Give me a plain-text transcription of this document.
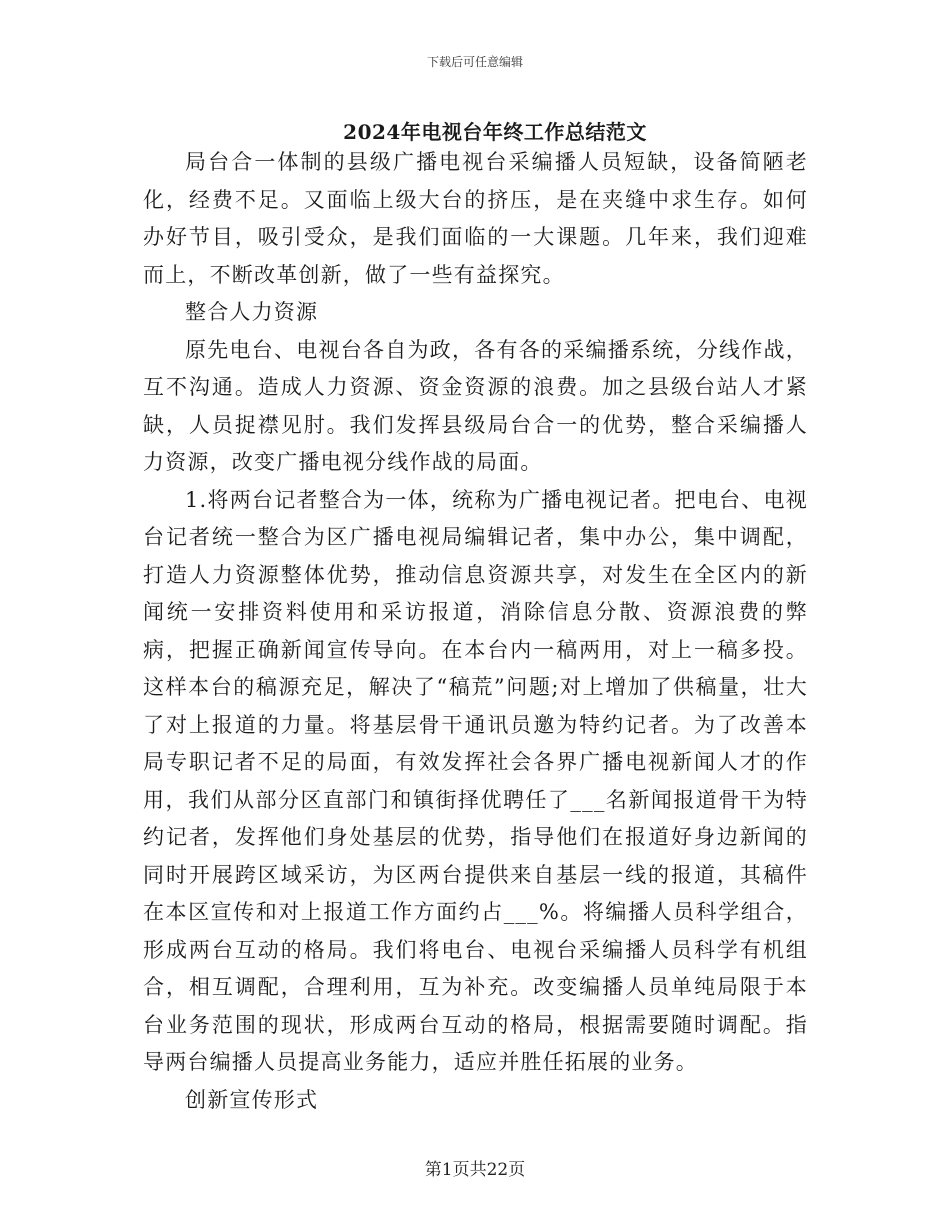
下载后可任意编辑
2024年电视台年终工作总结范文

局台合一体制的县级广播电视台采编播人员短缺，设备简陋老化，经费不足。又面临上级大台的挤压，是在夹缝中求生存。如何办好节目，吸引受众，是我们面临的一大课题。几年来，我们迎难而上，不断改革创新，做了一些有益探究。

整合人力资源

原先电台、电视台各自为政，各有各的采编播系统，分线作战，互不沟通。造成人力资源、资金资源的浪费。加之县级台站人才紧缺，人员捉襟见肘。我们发挥县级局台合一的优势，整合采编播人力资源，改变广播电视分线作战的局面。

1.将两台记者整合为一体，统称为广播电视记者。把电台、电视台记者统一整合为区广播电视局编辑记者，集中办公，集中调配，打造人力资源整体优势，推动信息资源共享，对发生在全区内的新闻统一安排资料使用和采访报道，消除信息分散、资源浪费的弊病，把握正确新闻宣传导向。在本台内一稿两用，对上一稿多投。这样本台的稿源充足，解决了“稿荒”问题;对上增加了供稿量，壮大了对上报道的力量。将基层骨干通讯员邀为特约记者。为了改善本局专职记者不足的局面，有效发挥社会各界广播电视新闻人才的作用，我们从部分区直部门和镇街择优聘任了___名新闻报道骨干为特约记者，发挥他们身处基层的优势，指导他们在报道好身边新闻的同时开展跨区域采访，为区两台提供来自基层一线的报道，其稿件在本区宣传和对上报道工作方面约占___%。将编播人员科学组合，形成两台互动的格局。我们将电台、电视台采编播人员科学有机组合，相互调配，合理利用，互为补充。改变编播人员单纯局限于本台业务范围的现状，形成两台互动的格局，根据需要随时调配。指导两台编播人员提高业务能力，适应并胜任拓展的业务。

创新宣传形式

第1页共22页
